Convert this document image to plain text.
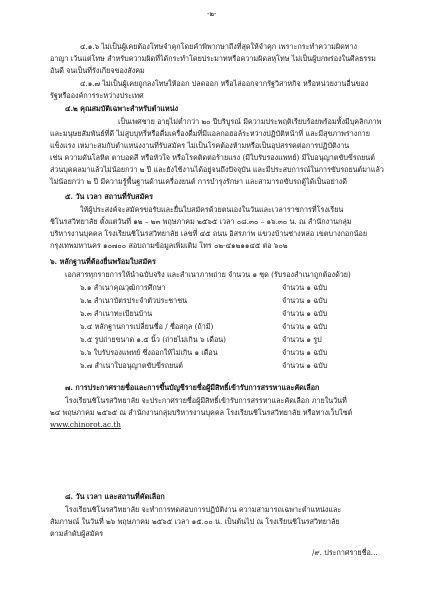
-๒-
๔.๑.๖ ไม่เป็นผู้เคยต้องโทษจำคุกโดยคำพิพากษาถึงที่สุดให้จำคุก เพราะกระทำความผิดทาง
อาญา เว้นแต่โทษ สำหรับความผิดที่ได้กระทำโดยประมาทหรือความผิดลหุโทษ ไม่เป็นผู้บกพร่องในศีลธรรม
อันดี จนเป็นที่รังเกียจของสังคม
๔.๑.๗ ไม่เป็นผู้เคยถูกลงโทษให้ออก ปลดออก หรือไล่ออกจากรัฐวิสาหกิจ หรือหน่วยงานอื่นของ
รัฐหรือองค์การระหว่างประเทศ
๔.๒ คุณสมบัติเฉพาะสำหรับตำแหน่ง
เป็นเพศชาย อายุไม่ต่ำกว่า ๒๐ ปีบริบูรณ์ มีความประพฤติเรียบร้อยพร้อมทั้งมีบุคลิกภาพ
และมนุษยสัมพันธ์ที่ดี ไม่สูบบุหรี่หรือดื่มเครื่องดื่มที่มีแอลกอฮอล์ระหว่างปฏิบัติหน้าที่ และมีสุขภาพร่างกาย
แข็งแรง เหมาะสมกับตำแหน่งงานที่รับสมัคร ไม่เป็นโรคต้องห้ามหรือเป็นอุปสรรคต่อการปฏิบัติงาน
เช่น ความดันโลหิต ตาบอดสี หรือหัวใจ หรือโรคติดต่อร้ายแรง (มีใบรับรองแพทย์) มีใบอนุญาตขับขี่รถยนต์
ส่วนบุคคลมาแล้วไม่น้อยกว่า ๒ ปี และยังใช้งานได้อยู่จนถึงปัจจุบัน และมีประสบการณ์ในการขับรถยนต์มาแล้ว
ไม่น้อยกว่า ๒ ปี มีความรู้พื้นฐานด้านเครื่องยนต์ การบำรุงรักษา และสามารถขับรถตู้ได้เป็นอย่างดี
๕. วัน เวลา สถานที่รับสมัคร
ให้ผู้ประสงค์จะสมัครขอรับและยื่นใบสมัครด้วยตนเองในวันและเวลาราชการที่โรงเรียน
ชิโนรสวิทยาลัย ตั้งแต่วันที่ ๑๒ – ๒๓ พฤษภาคม ๒๕๖๕ เวลา ๐๘.๓๐ – ๑๖.๓๐ น. ณ สำนักงานกลุ่ม
บริหารงานบุคคล โรงเรียนชิโนรสวิทยาลัย เลขที่ ๔๕ ถนน อิสรภาพ แขวงบ้านช่างหล่อ เขตบางกอกน้อย
กรุงเทพมหานคร ๑๐๗๐๐ สอบถามข้อมูลเพิ่มเติม โทร ๐๒-๔๑๒๑๑๔๕ ต่อ ๖๐๒
๖. หลักฐานที่ต้องยื่นพร้อมใบสมัคร
เอกสารทุกรายการให้นำฉบับจริง และสำเนาภาพถ่าย จำนวน ๑ ชุด (รับรองสำเนาถูกต้องด้วย)
๖.๑ สำเนาคุณวุฒิการศึกษา	จำนวน ๑ ฉบับ
๖.๒ สำเนาบัตรประจำตัวประชาชน	จำนวน ๑ ฉบับ
๖.๓ สำเนาทะเบียนบ้าน	จำนวน ๑ ฉบับ
๖.๔ หลักฐานการเปลี่ยนชื่อ / ชื่อสกุล (ถ้ามี)	จำนวน ๑ ฉบับ
๖.๕ รูปถ่ายขนาด ๑.๕ นิ้ว (ถ่ายไม่เกิน ๖ เดือน)	จำนวน ๑ รูป
๖.๖ ใบรับรองแพทย์ ซึ่งออกให้ไม่เกิน ๑ เดือน	จำนวน ๑ ฉบับ
๖.๗ สำเนาใบอนุญาตขับขี่รถยนต์	จำนวน ๑ ฉบับ
๗. การประกาศรายชื่อและการขึ้นบัญชีรายชื่อผู้มีสิทธิ์เข้ารับการสรรหาและคัดเลือก
โรงเรียนชิโนรสวิทยาลัย จะประกาศรายชื่อผู้มีสิทธิ์เข้ารับการสรรหาและคัดเลือก ภายในวันที่
๒๔ พฤษภาคม ๒๕๖๕ ณ สำนักงานกลุ่มบริหารงานบุคคล โรงเรียนชิโนรสวิทยาลัย หรือทางเว็บไซต์
www.chinorot.ac.th
๘. วัน เวลา และสถานที่คัดเลือก
โรงเรียนชิโนรสวิทยาลัย จะทำการทดสอบการปฏิบัติงาน ความสามารถเฉพาะตำแหน่งและ
สัมภาษณ์ ในวันที่ ๒๖ พฤษภาคม ๒๕๖๕ เวลา ๑๕.๐๐ น. เป็นต้นไป ณ โรงเรียนชิโนรสวิทยาลัย
ตามลำดับผู้สมัคร
/๙. ประกาศรายชื่อ...
